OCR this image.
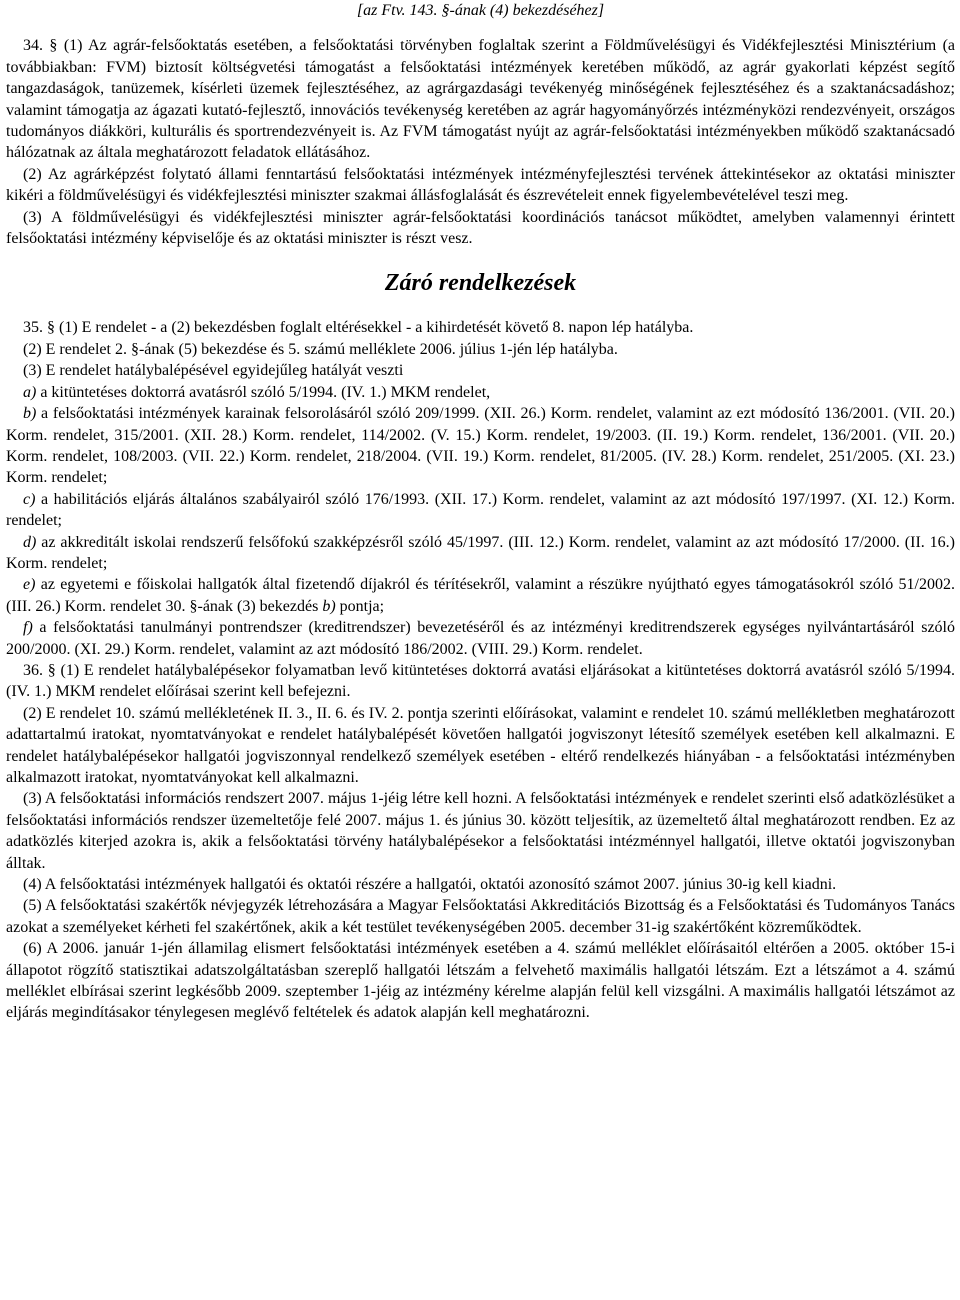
[az Ftv. 143. §-ának (4) bekezdéséhez]

34. § (1) Az agrár-felsőoktatás esetében, a felsőoktatási törvényben foglaltak szerint a Földművelésügyi és Vidékfejlesztési Minisztérium (a továbbiakban: FVM) biztosít költségvetési támogatást a felsőoktatási intézmények keretében működő, az agrár gyakorlati képzést segítő tangazdaságok, tanüzemek, kísérleti üzemek fejlesztéséhez, az agrárgazdasági tevékenyég minőségének fejlesztéséhez és a szaktanácsadáshoz; valamint támogatja az ágazati kutató-fejlesztő, innovációs tevékenység keretében az agrár hagyományőrzés intézményközi rendezvényeit, országos tudományos diákköri, kulturális és sportrendezvényeit is. Az FVM támogatást nyújt az agrár-felsőoktatási intézményekben működő szaktanácsadó hálózatnak az általa meghatározott feladatok ellátásához.

(2) Az agrárképzést folytató állami fenntartású felsőoktatási intézmények intézményfejlesztési tervének áttekintésekor az oktatási miniszter kikéri a földművelésügyi és vidékfejlesztési miniszter szakmai állásfoglalását és észrevételeit ennek figyelembevételével teszi meg.

(3) A földművelésügyi és vidékfejlesztési miniszter agrár-felsőoktatási koordinációs tanácsot működtet, amelyben valamennyi érintett felsőoktatási intézmény képviselője és az oktatási miniszter is részt vesz.

Záró rendelkezések

35. § (1) E rendelet - a (2) bekezdésben foglalt eltérésekkel - a kihirdetését követő 8. napon lép hatályba.

(2) E rendelet 2. §-ának (5) bekezdése és 5. számú melléklete 2006. július 1-jén lép hatályba.

(3) E rendelet hatálybalépésével egyidejűleg hatályát veszti

a) a kitüntetéses doktorrá avatásról szóló 5/1994. (IV. 1.) MKM rendelet,

b) a felsőoktatási intézmények karainak felsorolásáról szóló 209/1999. (XII. 26.) Korm. rendelet, valamint az ezt módosító 136/2001. (VII. 20.) Korm. rendelet, 315/2001. (XII. 28.) Korm. rendelet, 114/2002. (V. 15.) Korm. rendelet, 19/2003. (II. 19.) Korm. rendelet, 136/2001. (VII. 20.) Korm. rendelet, 108/2003. (VII. 22.) Korm. rendelet, 218/2004. (VII. 19.) Korm. rendelet, 81/2005. (IV. 28.) Korm. rendelet, 251/2005. (XI. 23.) Korm. rendelet;

c) a habilitációs eljárás általános szabályairól szóló 176/1993. (XII. 17.) Korm. rendelet, valamint az azt módosító 197/1997. (XI. 12.) Korm. rendelet;

d) az akkreditált iskolai rendszerű felsőfokú szakképzésről szóló 45/1997. (III. 12.) Korm. rendelet, valamint az azt módosító 17/2000. (II. 16.) Korm. rendelet;

e) az egyetemi e főiskolai hallgatók által fizetendő díjakról és térítésekről, valamint a részükre nyújtható egyes támogatásokról szóló 51/2002. (III. 26.) Korm. rendelet 30. §-ának (3) bekezdés b) pontja;

f) a felsőoktatási tanulmányi pontrendszer (kreditrendszer) bevezetéséről és az intézményi kreditrendszerek egységes nyilvántartásáról szóló 200/2000. (XI. 29.) Korm. rendelet, valamint az azt módosító 186/2002. (VIII. 29.) Korm. rendelet.

36. § (1) E rendelet hatálybalépésekor folyamatban levő kitüntetéses doktorrá avatási eljárásokat a kitüntetéses doktorrá avatásról szóló 5/1994. (IV. 1.) MKM rendelet előírásai szerint kell befejezni.

(2) E rendelet 10. számú mellékletének II. 3., II. 6. és IV. 2. pontja szerinti előírásokat, valamint e rendelet 10. számú mellékletben meghatározott adattartalmú iratokat, nyomtatványokat e rendelet hatálybalépését követően hallgatói jogviszonyt létesítő személyek esetében kell alkalmazni. E rendelet hatálybalépésekor hallgatói jogviszonnyal rendelkező személyek esetében - eltérő rendelkezés hiányában - a felsőoktatási intézményben alkalmazott iratokat, nyomtatványokat kell alkalmazni.

(3) A felsőoktatási információs rendszert 2007. május 1-jéig létre kell hozni. A felsőoktatási intézmények e rendelet szerinti első adatközlésüket a felsőoktatási információs rendszer üzemeltetője felé 2007. május 1. és június 30. között teljesítik, az üzemeltető által meghatározott rendben. Ez az adatközlés kiterjed azokra is, akik a felsőoktatási törvény hatálybalépésekor a felsőoktatási intézménnyel hallgatói, illetve oktatói jogviszonyban álltak.

(4) A felsőoktatási intézmények hallgatói és oktatói részére a hallgatói, oktatói azonosító számot 2007. június 30-ig kell kiadni.

(5) A felsőoktatási szakértők névjegyzék létrehozására a Magyar Felsőoktatási Akkreditációs Bizottság és a Felsőoktatási és Tudományos Tanács azokat a személyeket kérheti fel szakértőnek, akik a két testület tevékenységében 2005. december 31-ig szakértőként közreműködtek.

(6) A 2006. január 1-jén államilag elismert felsőoktatási intézmények esetében a 4. számú melléklet előírásaitól eltérően a 2005. október 15-i állapotot rögzítő statisztikai adatszolgáltatásban szereplő hallgatói létszám a felvehető maximális hallgatói létszám. Ezt a létszámot a 4. számú melléklet elbírásai szerint legkésőbb 2009. szeptember 1-jéig az intézmény kérelme alapján felül kell vizsgálni. A maximális hallgatói létszámot az eljárás megindításakor ténylegesen meglévő feltételek és adatok alapján kell meghatározni.
